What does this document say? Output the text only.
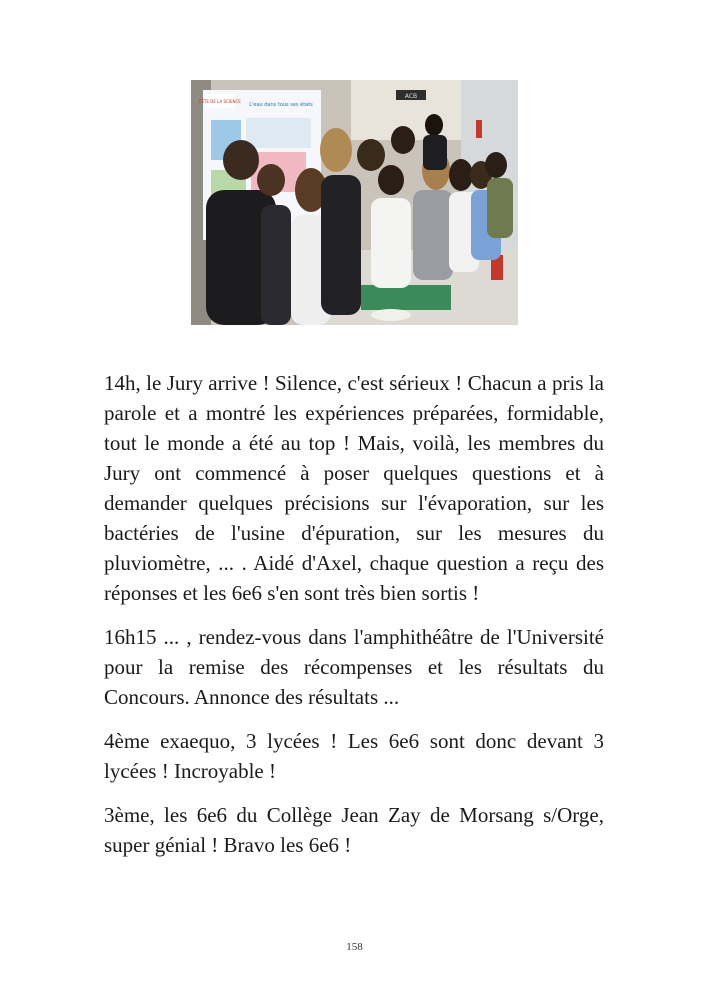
ACB
FÊTE DE LA SCIENCE
L'eau dans tous ses états

14h, le Jury arrive ! Silence, c'est sérieux ! Chacun a pris la parole et a montré les expériences préparées, formidable, tout le monde a été au top ! Mais, voilà, les membres du Jury ont commencé à poser quelques questions et à demander quelques précisions sur l'évaporation, sur les bactéries de l'usine d'épuration, sur les mesures du pluviomètre, ... . Aidé d'Axel, chaque question a reçu des réponses et les 6e6 s'en sont très bien sortis !

16h15 ... , rendez-vous dans l'amphithéâtre de l'Université pour la remise des récompenses et les résultats du Concours. Annonce des résultats ...

4ème exaequo, 3 lycées ! Les 6e6 sont donc devant 3 lycées ! Incroyable !

3ème, les 6e6 du Collège Jean Zay de Morsang s/Orge, super génial ! Bravo les 6e6 !

158
